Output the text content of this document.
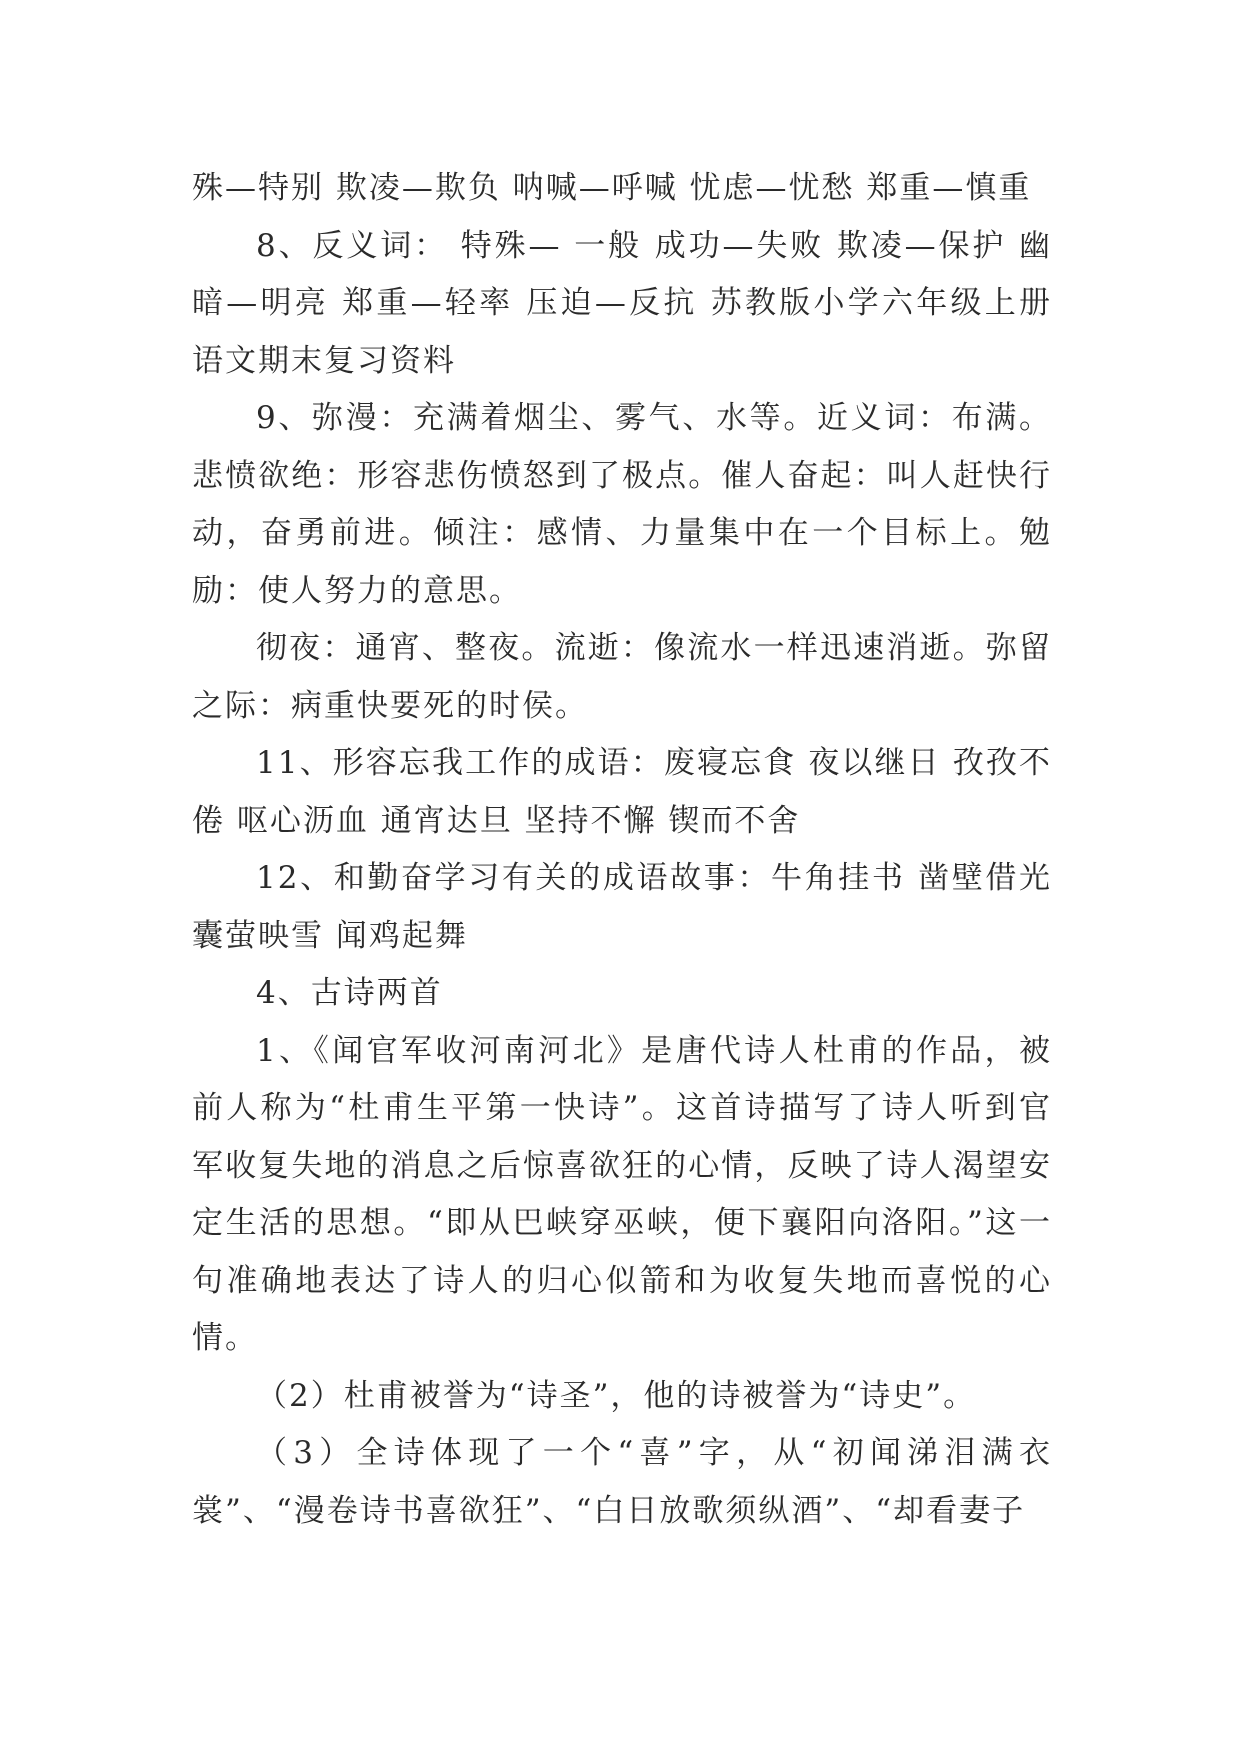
殊—特别 欺凌—欺负 呐喊—呼喊 忧虑—忧愁 郑重—慎重

8、反义词： 特殊— 一般 成功—失败 欺凌—保护 幽暗—明亮 郑重—轻率 压迫—反抗 苏教版小学六年级上册语文期末复习资料

9、弥漫：充满着烟尘、雾气、水等。近义词：布满。悲愤欲绝：形容悲伤愤怒到了极点。催人奋起：叫人赶快行动，奋勇前进。倾注：感情、力量集中在一个目标上。勉励：使人努力的意思。

彻夜：通宵、整夜。流逝：像流水一样迅速消逝。弥留之际：病重快要死的时侯。

11、形容忘我工作的成语：废寝忘食 夜以继日 孜孜不倦 呕心沥血 通宵达旦 坚持不懈 锲而不舍

12、和勤奋学习有关的成语故事：牛角挂书 凿壁借光 囊萤映雪 闻鸡起舞

4、古诗两首

1、《闻官军收河南河北》是唐代诗人杜甫的作品，被前人称为“杜甫生平第一快诗”。这首诗描写了诗人听到官军收复失地的消息之后惊喜欲狂的心情，反映了诗人渴望安定生活的思想。“即从巴峡穿巫峡，便下襄阳向洛阳。”这一句准确地表达了诗人的归心似箭和为收复失地而喜悦的心情。

（2）杜甫被誉为“诗圣”，他的诗被誉为“诗史”。

（3）全诗体现了一个“喜”字，从“初闻涕泪满衣裳”、“漫卷诗书喜欲狂”、“白日放歌须纵酒”、“却看妻子
